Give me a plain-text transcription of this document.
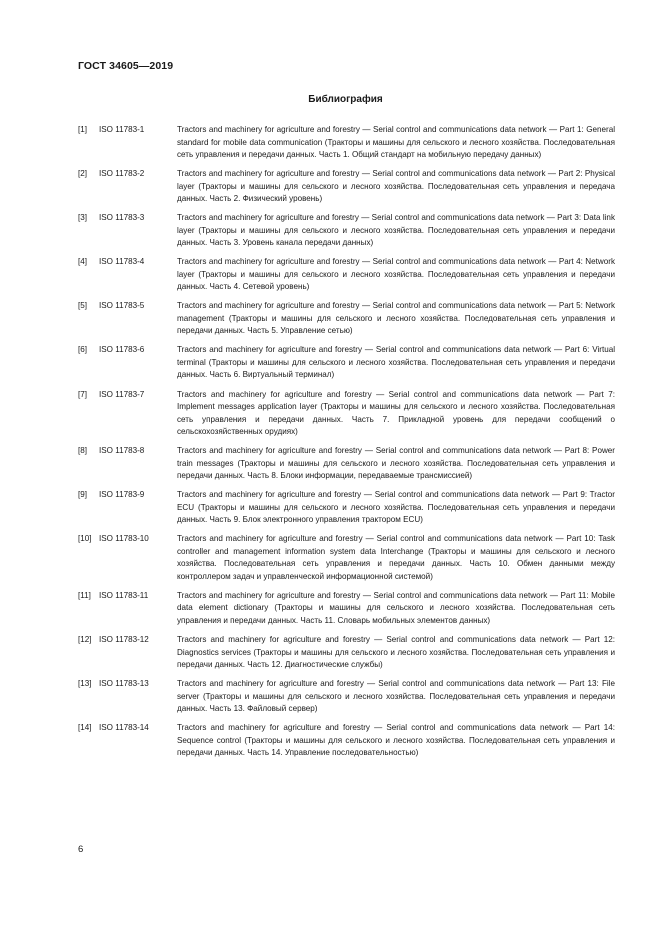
ГОСТ 34605—2019
Библиография
[1]	ISO 11783-1	Tractors and machinery for agriculture and forestry — Serial control and communications data network — Part 1: General standard for mobile data communication (Тракторы и машины для сельского и лесного хозяйства. Последовательная сеть управления и передачи данных. Часть 1. Общий стандарт на мобильную передачу данных)
[2]	ISO 11783-2	Tractors and machinery for agriculture and forestry — Serial control and communications data network — Part 2: Physical layer (Тракторы и машины для сельского и лесного хозяйства. Последовательная сеть управления и передача данных. Часть 2. Физический уровень)
[3]	ISO 11783-3	Tractors and machinery for agriculture and forestry — Serial control and communications data network — Part 3: Data link layer (Тракторы и машины для сельского и лесного хозяйства. Последовательная сеть управления и передачи данных. Часть 3. Уровень канала передачи данных)
[4]	ISO 11783-4	Tractors and machinery for agriculture and forestry — Serial control and communications data network — Part 4: Network layer (Тракторы и машины для сельского и лесного хозяйства. Последовательная сеть управления и передачи данных. Часть 4. Сетевой уровень)
[5]	ISO 11783-5	Tractors and machinery for agriculture and forestry — Serial control and communications data network — Part 5: Network management (Тракторы и машины для сельского и лесного хозяйства. Последовательная сеть управления и передачи данных. Часть 5. Управление сетью)
[6]	ISO 11783-6	Tractors and machinery for agriculture and forestry — Serial control and communications data network — Part 6: Virtual terminal (Тракторы и машины для сельского и лесного хозяйства. Последовательная сеть управления и передачи данных. Часть 6. Виртуальный терминал)
[7]	ISO 11783-7	Tractors and machinery for agriculture and forestry — Serial control and communications data network — Part 7: Implement messages application layer (Тракторы и машины для сельского и лесного хозяйства. Последовательная сеть управления и передачи данных. Часть 7. Прикладной уровень для передачи сообщений о сельскохозяйственных орудиях)
[8]	ISO 11783-8	Tractors and machinery for agriculture and forestry — Serial control and communications data network — Part 8: Power train messages (Тракторы и машины для сельского и лесного хозяйства. Последовательная сеть управления и передачи данных. Часть 8. Блоки информации, передаваемые трансмиссией)
[9]	ISO 11783-9	Tractors and machinery for agriculture and forestry — Serial control and communications data network — Part 9: Tractor ECU (Тракторы и машины для сельского и лесного хозяйства. Последовательная сеть управления и передачи данных. Часть 9. Блок электронного управления трактором ECU)
[10] ISO 11783-10	Tractors and machinery for agriculture and forestry — Serial control and communications data network — Part 10: Task controller and management information system data Interchange (Тракторы и машины для сельского и лесного хозяйства. Последовательная сеть управления и передачи данных. Часть 10. Обмен данными между контроллером задач и управленческой информационной системой)
[11] ISO 11783-11	Tractors and machinery for agriculture and forestry — Serial control and communications data network — Part 11: Mobile data element dictionary (Тракторы и машины для сельского и лесного хозяйства. Последовательная сеть управления и передачи данных. Часть 11. Словарь мобильных элементов данных)
[12] ISO 11783-12	Tractors and machinery for agriculture and forestry — Serial control and communications data network — Part 12: Diagnostics services (Тракторы и машины для сельского и лесного хозяйства. Последовательная сеть управления и передачи данных. Часть 12. Диагностические службы)
[13] ISO 11783-13	Tractors and machinery for agriculture and forestry — Serial control and communications data network — Part 13: File server (Тракторы и машины для сельского и лесного хозяйства. Последовательная сеть управления и передачи данных. Часть 13. Файловый сервер)
[14] ISO 11783-14	Tractors and machinery for agriculture and forestry — Serial control and communications data network — Part 14: Sequence control (Тракторы и машины для сельского и лесного хозяйства. Последовательная сеть управления и передачи данных. Часть 14. Управление последовательностью)
6
